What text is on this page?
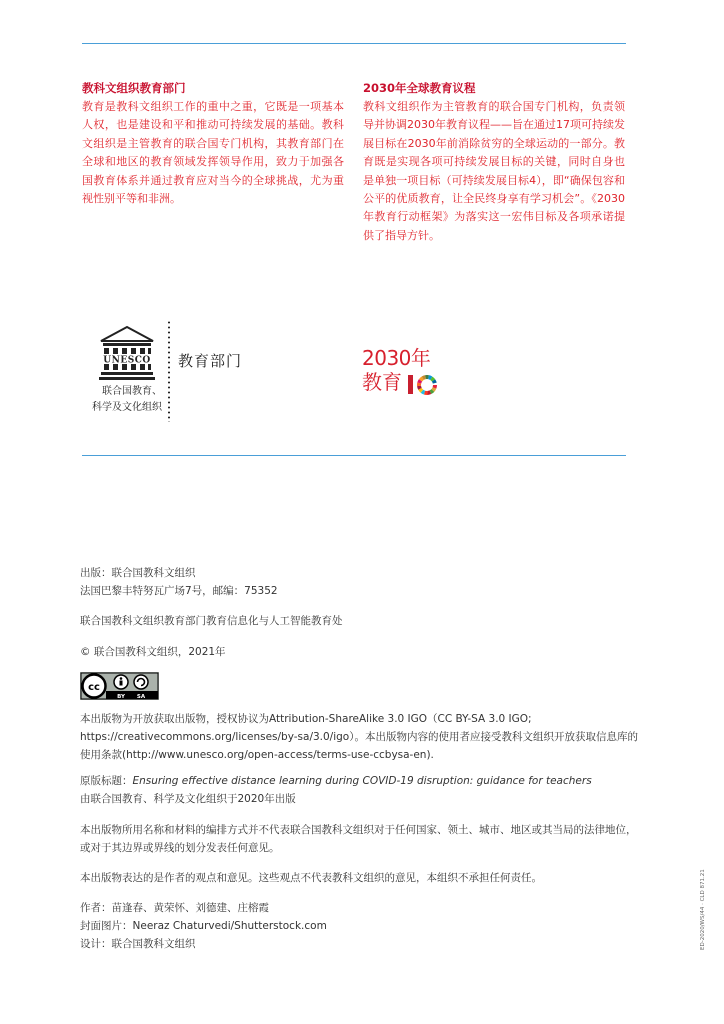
教科文组织教育部门

教育是教科文组织工作的重中之重，它既是一项基本人权，也是建设和平和推动可持续发展的基础。教科文组织是主管教育的联合国专门机构，其教育部门在全球和地区的教育领域发挥领导作用，致力于加强各国教育体系并通过教育应对当今的全球挑战，尤为重视性别平等和非洲。

2030年全球教育议程

教科文组织作为主管教育的联合国专门机构，负责领导并协调2030年教育议程——旨在通过17项可持续发展目标在2030年前消除贫穷的全球运动的一部分。教育既是实现各项可持续发展目标的关键，同时自身也是单独一项目标（可持续发展目标4），即“确保包容和公平的优质教育，让全民终身享有学习机会”。《2030年教育行动框架》为落实这一宏伟目标及各项承诺提供了指导方针。

UNESCO
联合国教育、
科学及文化组织
教育部门	2030年
教育

出版：联合国教科文组织

法国巴黎丰特努瓦广场7号，邮编：75352

联合国教科文组织教育部门教育信息化与人工智能教育处
© 联合国教科文组织，2021年
cc
BY SA
本出版物为开放获取出版物，授权协议为Attribution-ShareAlike 3.0 IGO（CC BY-SA 3.0 IGO; https://creativecommons.org/licenses/by-sa/3.0/igo）。本出版物内容的使用者应接受教科文组织开放获取信息库的使用条款(http://www.unesco.org/open-access/terms-use-ccbysa-en).

原版标题：Ensuring effective distance learning during COVID-19 disruption: guidance for teachers

由联合国教育、科学及文化组织于2020年出版

本出版物所用名称和材料的编排方式并不代表联合国教科文组织对于任何国家、领土、城市、地区或其当局的法律地位，或对于其边界或界线的划分发表任何意见。
本出版物表达的是作者的观点和意见。这些观点不代表教科文组织的意见，本组织不承担任何责任。

作者：苗逢春、黄荣怀、刘德建、庄榕霞

封面图片：Neeraz Chaturvedi/Shutterstock.com

设计：联合国教科文组织	ED-2020/WS/44 · CLD 871.21
